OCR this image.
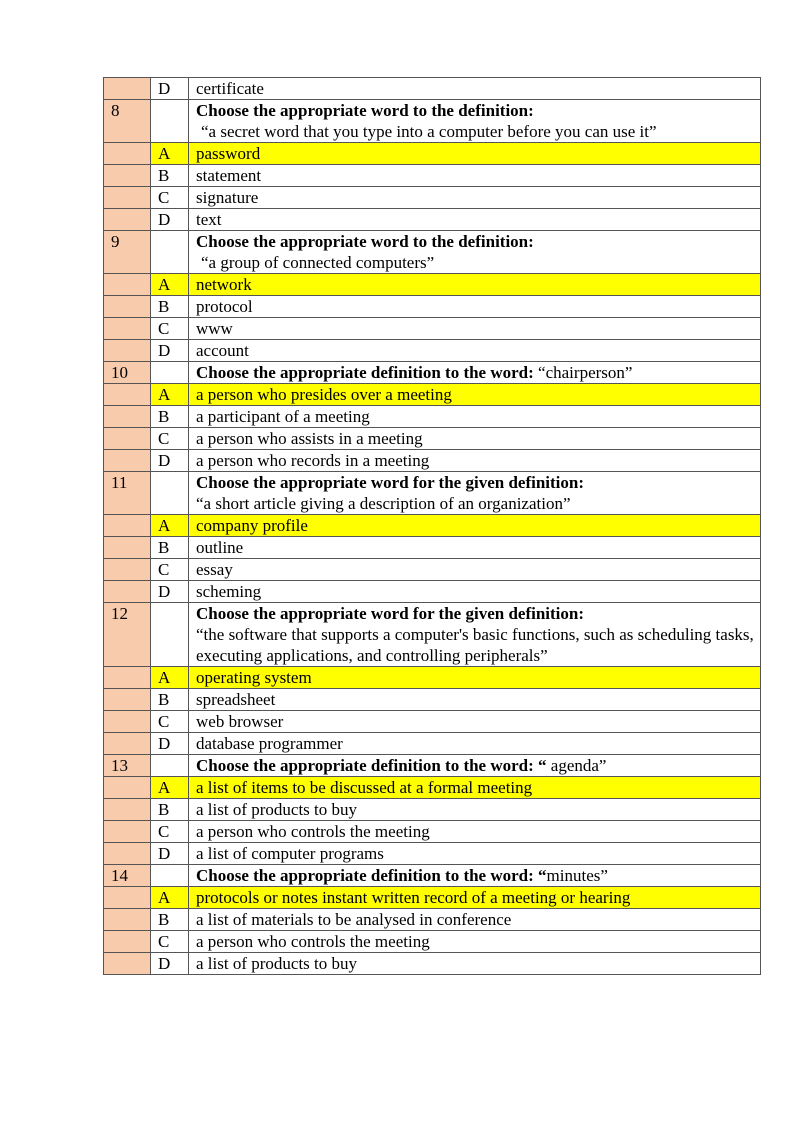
	D	certificate
8		Choose the appropriate word to the definition:
“a secret word that you type into a computer before you can use it”

	A	password
	B	statement
	C	signature
	D	text
9		Choose the appropriate word to the definition:
“a group of connected computers”

	A	network
	B	protocol
	C	www
	D	account
10		Choose the appropriate definition to the word: “chairperson”
	A	a person who presides over a meeting
	B	a participant of a meeting
	C	a person who assists in a meeting
	D	a person who records in a meeting
11		Choose the appropriate word for the given definition:
“a short article giving a description of an organization”

	A	company profile
	B	outline
	C	essay
	D	scheming
12		Choose the appropriate word for the given definition:
“the software that supports a computer's basic functions, such as scheduling tasks, executing applications, and controlling peripherals”

	A	operating system
	B	spreadsheet
	C	web browser
	D	database programmer
13		Choose the appropriate definition to the word: “ agenda”
	A	a list of items to be discussed at a formal meeting
	B	a list of products to buy
	C	a person who controls the meeting
	D	a list of computer programs
14		Choose the appropriate definition to the word: “minutes”
	A	protocols or notes instant written record of a meeting or hearing
	B	a list of materials to be analysed in conference
	C	a person who controls the meeting
	D	a list of products to buy
